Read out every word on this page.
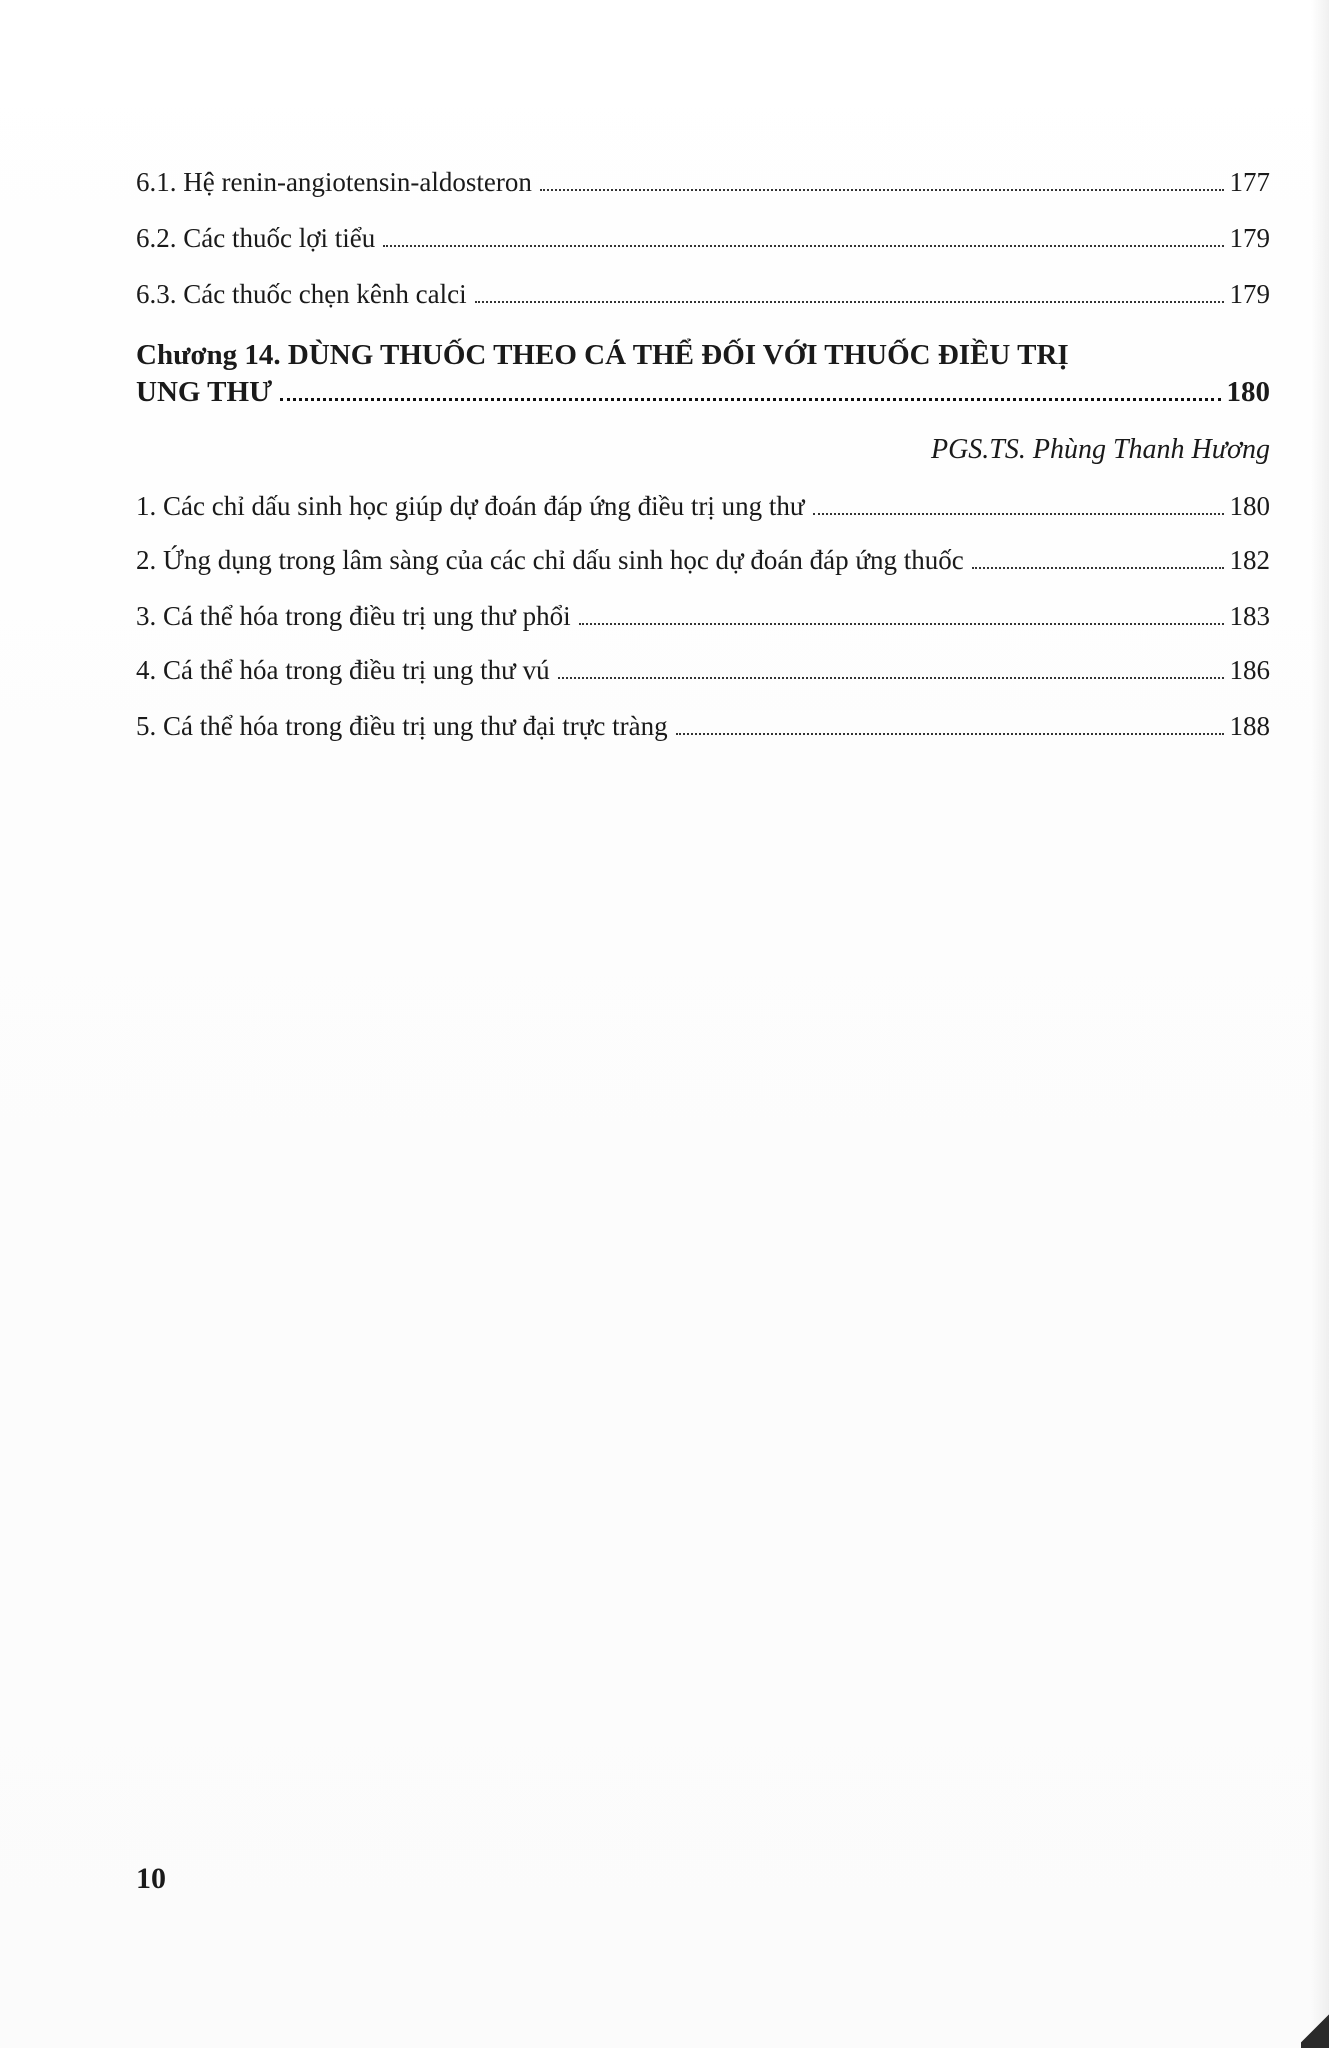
6.1. Hệ renin-angiotensin-aldosteron	177
6.2. Các thuốc lợi tiểu	179
6.3. Các thuốc chẹn kênh calci	179
Chương 14. DÙNG THUỐC THEO CÁ THỂ ĐỐI VỚI THUỐC ĐIỀU TRỊ
UNG THƯ	180
PGS.TS. Phùng Thanh Hương
1. Các chỉ dấu sinh học giúp dự đoán đáp ứng điều trị ung thư	180
2. Ứng dụng trong lâm sàng của các chỉ dấu sinh học dự đoán đáp ứng thuốc	182
3. Cá thể hóa trong điều trị ung thư phổi	183
4. Cá thể hóa trong điều trị ung thư vú	186
5. Cá thể hóa trong điều trị ung thư đại trực tràng	188
10
